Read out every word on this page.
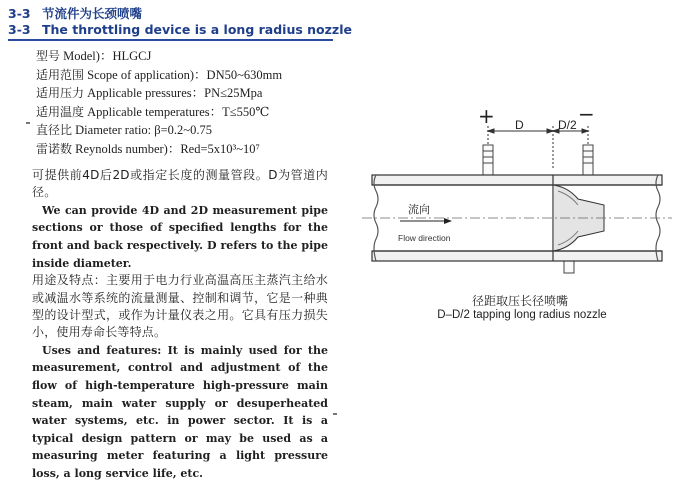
3-3 节流件为长颈喷嘴
3-3 The throttling device is a long radius nozzle
型号 Model)：HLGCJ
适用范围 Scope of application)：DN50~630mm
适用压力 Applicable pressures：PN≤25Mpa
适用温度 Applicable temperatures：T≤550℃
直径比 Diameter ratio: β=0.2~0.75
雷诺数 Reynolds number)：Red=5x10³~10⁷

可提供前4D后2D或指定长度的测量管段。D为管道内径。

We can provide 4D and 2D measurement pipe sections or those of specified lengths for the front and back respectively. D refers to the pipe inside diameter.

用途及特点：主要用于电力行业高温高压主蒸汽主给水或减温水等系统的流量测量、控制和调节，它是一种典型的设计型式，或作为计量仪表之用。它具有压力损失小，使用寿命长等特点。

Uses and features: It is mainly used for the measurement, control and adjustment of the flow of high-temperature high-pressure main steam, main water supply or desuperheated water systems, etc. in power sector. It is a typical design pattern or may be used as a measuring meter featuring a light pressure loss, a long service life, etc.

+	−
D	D/2
流向
Flow direction
径距取压长径喷嘴
D–D/2 tapping long radius nozzle
